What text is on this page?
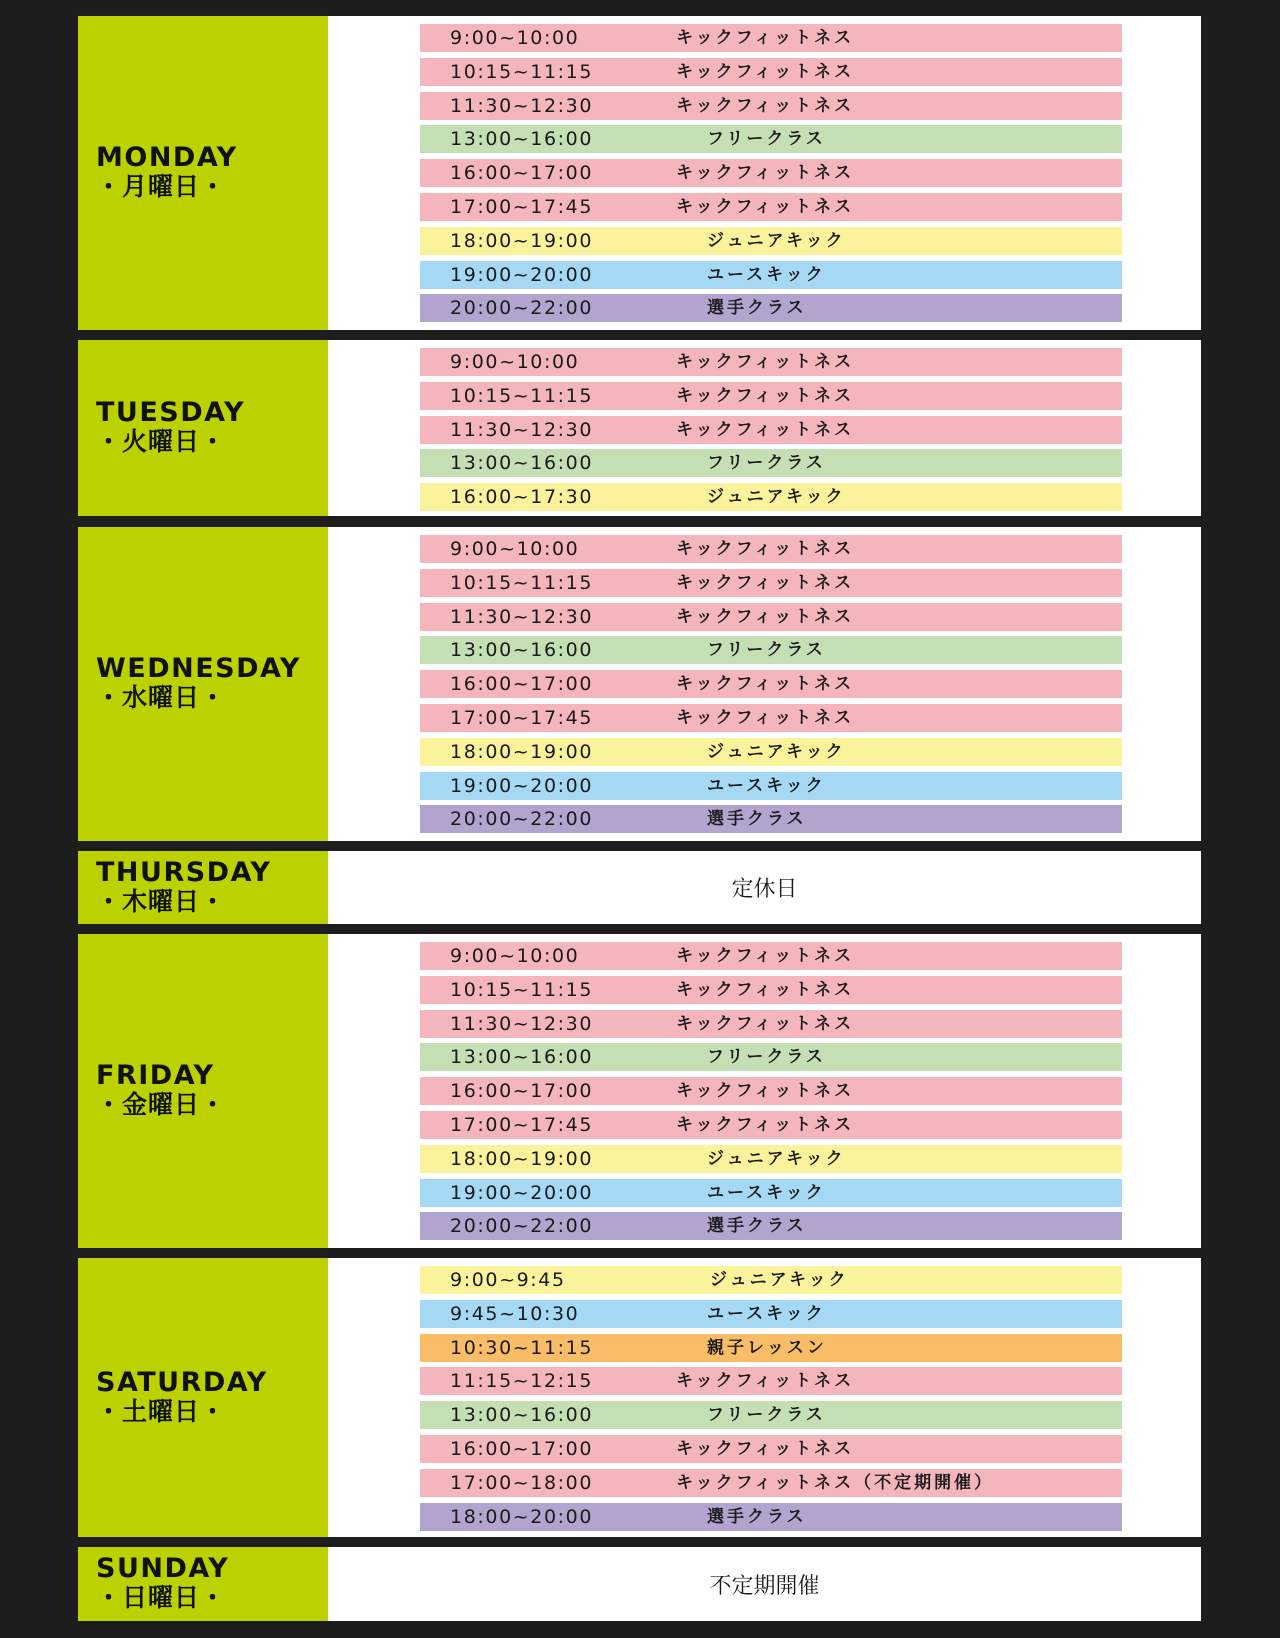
MONDAY
・月曜日・
9:00~10:00	キックフィットネス
10:15~11:15	キックフィットネス
11:30~12:30	キックフィットネス
13:00~16:00	フリークラス
16:00~17:00	キックフィットネス
17:00~17:45	キックフィットネス
18:00~19:00	ジュニアキック
19:00~20:00	ユースキック
20:00~22:00	選手クラス
TUESDAY
・火曜日・
9:00~10:00	キックフィットネス
10:15~11:15	キックフィットネス
11:30~12:30	キックフィットネス
13:00~16:00	フリークラス
16:00~17:30	ジュニアキック
WEDNESDAY
・水曜日・
9:00~10:00	キックフィットネス
10:15~11:15	キックフィットネス
11:30~12:30	キックフィットネス
13:00~16:00	フリークラス
16:00~17:00	キックフィットネス
17:00~17:45	キックフィットネス
18:00~19:00	ジュニアキック
19:00~20:00	ユースキック
20:00~22:00	選手クラス
THURSDAY
・木曜日・	定休日
FRIDAY
・金曜日・
9:00~10:00	キックフィットネス
10:15~11:15	キックフィットネス
11:30~12:30	キックフィットネス
13:00~16:00	フリークラス
16:00~17:00	キックフィットネス
17:00~17:45	キックフィットネス
18:00~19:00	ジュニアキック
19:00~20:00	ユースキック
20:00~22:00	選手クラス
SATURDAY
・土曜日・
9:00~9:45	ジュニアキック
9:45~10:30	ユースキック
10:30~11:15	親子レッスン
11:15~12:15	キックフィットネス
13:00~16:00	フリークラス
16:00~17:00	キックフィットネス
17:00~18:00	キックフィットネス（不定期開催）
18:00~20:00	選手クラス
SUNDAY
・日曜日・	不定期開催
